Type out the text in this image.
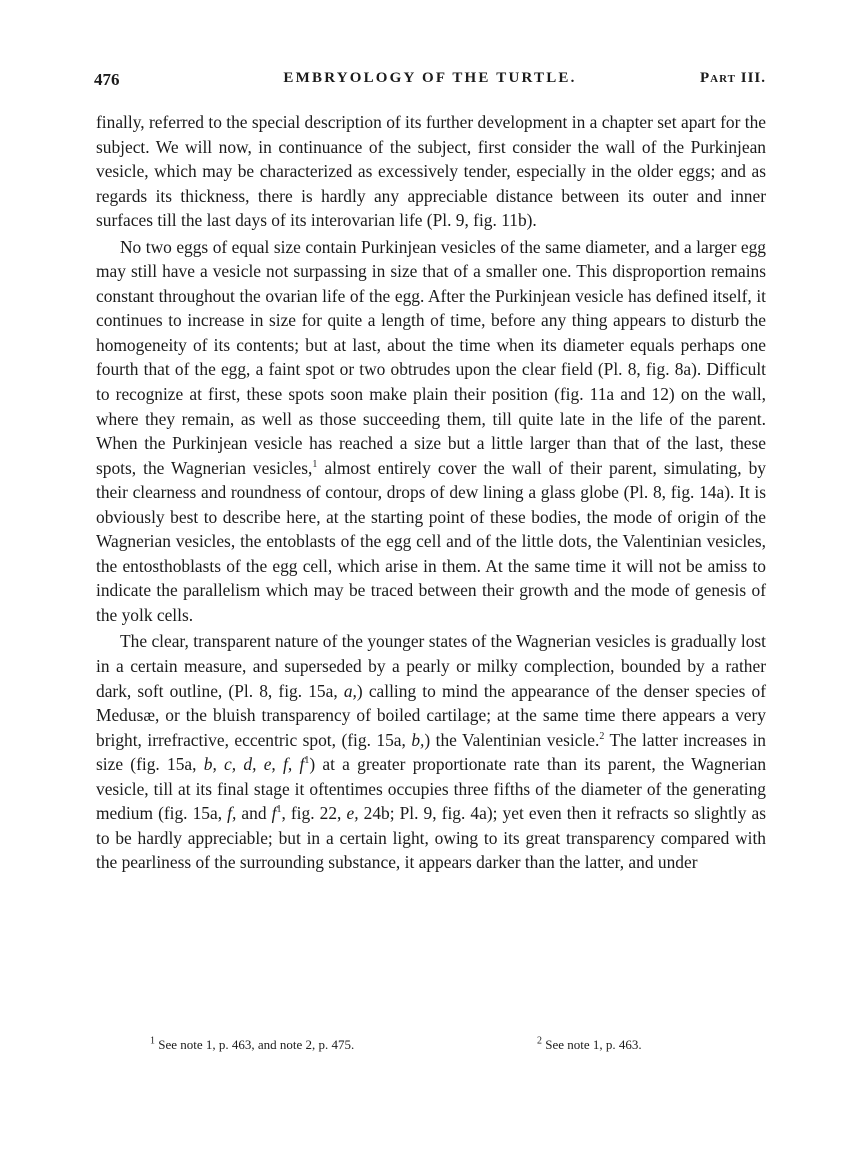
476	EMBRYOLOGY OF THE TURTLE.	Part III.

finally, referred to the special description of its further development in a chapter set apart for the subject. We will now, in continuance of the subject, first consider the wall of the Purkinjean vesicle, which may be characterized as excessively tender, especially in the older eggs; and as regards its thickness, there is hardly any appreciable distance between its outer and inner surfaces till the last days of its interovarian life (Pl. 9, fig. 11b).

No two eggs of equal size contain Purkinjean vesicles of the same diameter, and a larger egg may still have a vesicle not surpassing in size that of a smaller one. This disproportion remains constant throughout the ovarian life of the egg. After the Purkinjean vesicle has defined itself, it continues to increase in size for quite a length of time, before any thing appears to disturb the homogeneity of its contents; but at last, about the time when its diameter equals perhaps one fourth that of the egg, a faint spot or two obtrudes upon the clear field (Pl. 8, fig. 8a). Difficult to recognize at first, these spots soon make plain their position (fig. 11a and 12) on the wall, where they remain, as well as those succeeding them, till quite late in the life of the parent. When the Purkinjean vesicle has reached a size but a little larger than that of the last, these spots, the Wagnerian vesicles,$^1$ almost entirely cover the wall of their parent, simulating, by their clearness and roundness of contour, drops of dew lining a glass globe (Pl. 8, fig. 14a). It is obviously best to describe here, at the starting point of these bodies, the mode of origin of the Wagnerian vesicles, the entoblasts of the egg cell and of the little dots, the Valentinian vesicles, the entosthoblasts of the egg cell, which arise in them. At the same time it will not be amiss to indicate the parallelism which may be traced between their growth and the mode of genesis of the yolk cells.

The clear, transparent nature of the younger states of the Wagnerian vesicles is gradually lost in a certain measure, and superseded by a pearly or milky complection, bounded by a rather dark, soft outline, (Pl. 8, fig. 15a, a,) calling to mind the appearance of the denser species of Medusæ, or the bluish transparency of boiled cartilage; at the same time there appears a very bright, irrefractive, eccentric spot, (fig. 15a, b,) the Valentinian vesicle.$^2$ The latter increases in size (fig. 15a, b, c, d, e, f, $f^1$) at a greater proportionate rate than its parent, the Wagnerian vesicle, till at its final stage it oftentimes occupies three fifths of the diameter of the generating medium (fig. 15a, f, and $f^1$, fig. 22, e, 24b; Pl. 9, fig. 4a); yet even then it refracts so slightly as to be hardly appreciable; but in a certain light, owing to its great transparency compared with the pearliness of the surrounding substance, it appears darker than the latter, and under

$^1$ See note 1, p. 463, and note 2, p. 475.	$^2$ See note 1, p. 463.
